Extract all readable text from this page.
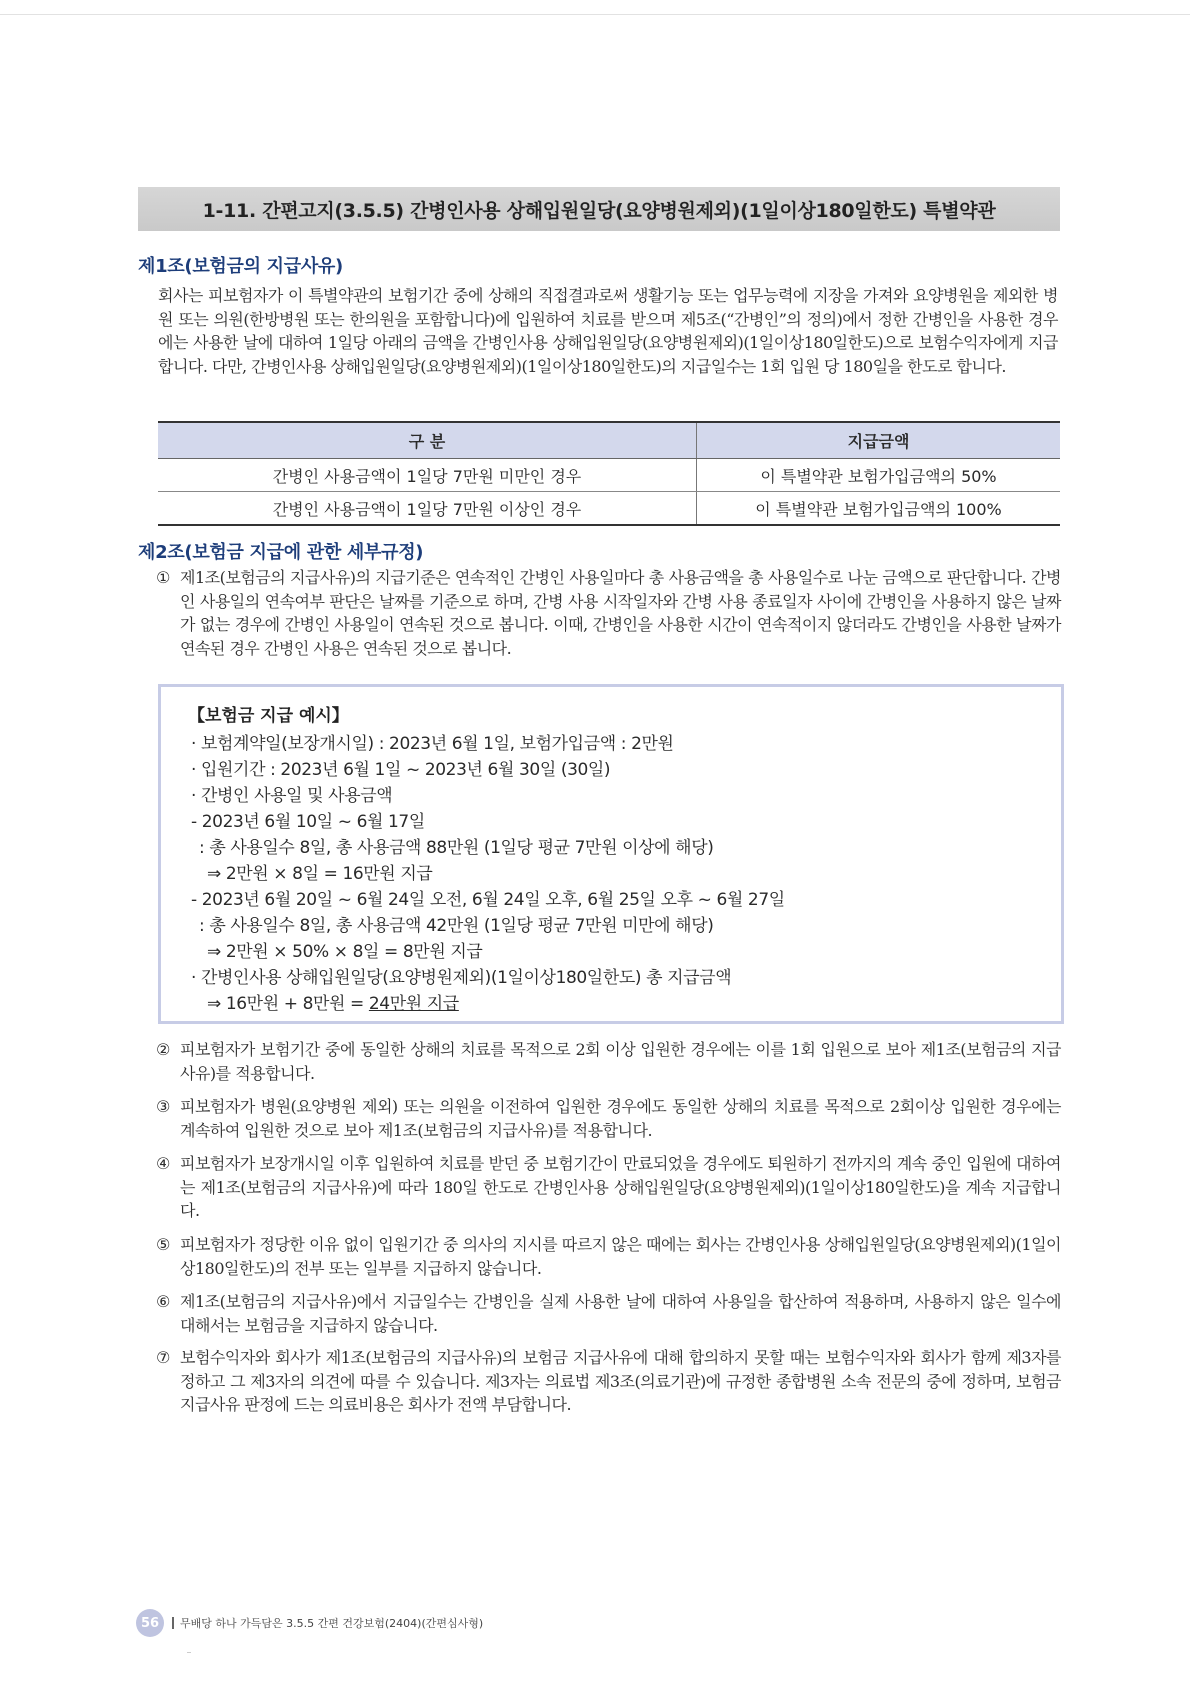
1-11. 간편고지(3.5.5) 간병인사용 상해입원일당(요양병원제외)(1일이상180일한도) 특별약관
제1조(보험금의 지급사유)
회사는 피보험자가 이 특별약관의 보험기간 중에 상해의 직접결과로써 생활기능 또는 업무능력에 지장을 가져와 요양병원을 제외한 병원 또는 의원(한방병원 또는 한의원을 포함합니다)에 입원하여 치료를 받으며 제5조(“간병인”의 정의)에서 정한 간병인을 사용한 경우에는 사용한 날에 대하여 1일당 아래의 금액을 간병인사용 상해입원일당(요양병원제외)(1일이상180일한도)으로 보험수익자에게 지급합니다. 다만, 간병인사용 상해입원일당(요양병원제외)(1일이상180일한도)의 지급일수는 1회 입원 당 180일을 한도로 합니다.
구 분	지급금액
간병인 사용금액이 1일당 7만원 미만인 경우	이 특별약관 보험가입금액의 50%
간병인 사용금액이 1일당 7만원 이상인 경우	이 특별약관 보험가입금액의 100%
제2조(보험금 지급에 관한 세부규정)
① 제1조(보험금의 지급사유)의 지급기준은 연속적인 간병인 사용일마다 총 사용금액을 총 사용일수로 나눈 금액으로 판단합니다. 간병인 사용일의 연속여부 판단은 날짜를 기준으로 하며, 간병 사용 시작일자와 간병 사용 종료일자 사이에 간병인을 사용하지 않은 날짜가 없는 경우에 간병인 사용일이 연속된 것으로 봅니다. 이때, 간병인을 사용한 시간이 연속적이지 않더라도 간병인을 사용한 날짜가 연속된 경우 간병인 사용은 연속된 것으로 봅니다.
【보험금 지급 예시】
· 보험계약일(보장개시일) : 2023년 6월 1일, 보험가입금액 : 2만원
· 입원기간 : 2023년 6월 1일 ~ 2023년 6월 30일 (30일)
· 간병인 사용일 및 사용금액
- 2023년 6월 10일 ~ 6월 17일
: 총 사용일수 8일, 총 사용금액 88만원 (1일당 평균 7만원 이상에 해당)
⇒ 2만원 × 8일 = 16만원 지급
- 2023년 6월 20일 ~ 6월 24일 오전, 6월 24일 오후, 6월 25일 오후 ~ 6월 27일
: 총 사용일수 8일, 총 사용금액 42만원 (1일당 평균 7만원 미만에 해당)
⇒ 2만원 × 50% × 8일 = 8만원 지급
· 간병인사용 상해입원일당(요양병원제외)(1일이상180일한도) 총 지급금액
⇒ 16만원 + 8만원 = 24만원 지급
② 피보험자가 보험기간 중에 동일한 상해의 치료를 목적으로 2회 이상 입원한 경우에는 이를 1회 입원으로 보아 제1조(보험금의 지급사유)를 적용합니다.
③ 피보험자가 병원(요양병원 제외) 또는 의원을 이전하여 입원한 경우에도 동일한 상해의 치료를 목적으로 2회이상 입원한 경우에는 계속하여 입원한 것으로 보아 제1조(보험금의 지급사유)를 적용합니다.
④ 피보험자가 보장개시일 이후 입원하여 치료를 받던 중 보험기간이 만료되었을 경우에도 퇴원하기 전까지의 계속 중인 입원에 대하여는 제1조(보험금의 지급사유)에 따라 180일 한도로 간병인사용 상해입원일당(요양병원제외)(1일이상180일한도)을 계속 지급합니다.
⑤ 피보험자가 정당한 이유 없이 입원기간 중 의사의 지시를 따르지 않은 때에는 회사는 간병인사용 상해입원일당(요양병원제외)(1일이상180일한도)의 전부 또는 일부를 지급하지 않습니다.
⑥ 제1조(보험금의 지급사유)에서 지급일수는 간병인을 실제 사용한 날에 대하여 사용일을 합산하여 적용하며, 사용하지 않은 일수에 대해서는 보험금을 지급하지 않습니다.
⑦ 보험수익자와 회사가 제1조(보험금의 지급사유)의 보험금 지급사유에 대해 합의하지 못할 때는 보험수익자와 회사가 함께 제3자를 정하고 그 제3자의 의견에 따를 수 있습니다. 제3자는 의료법 제3조(의료기관)에 규정한 종합병원 소속 전문의 중에 정하며, 보험금 지급사유 판정에 드는 의료비용은 회사가 전액 부담합니다.
56	무배당 하나 가득담은 3.5.5 간편 건강보험(2404)(간편심사형)
